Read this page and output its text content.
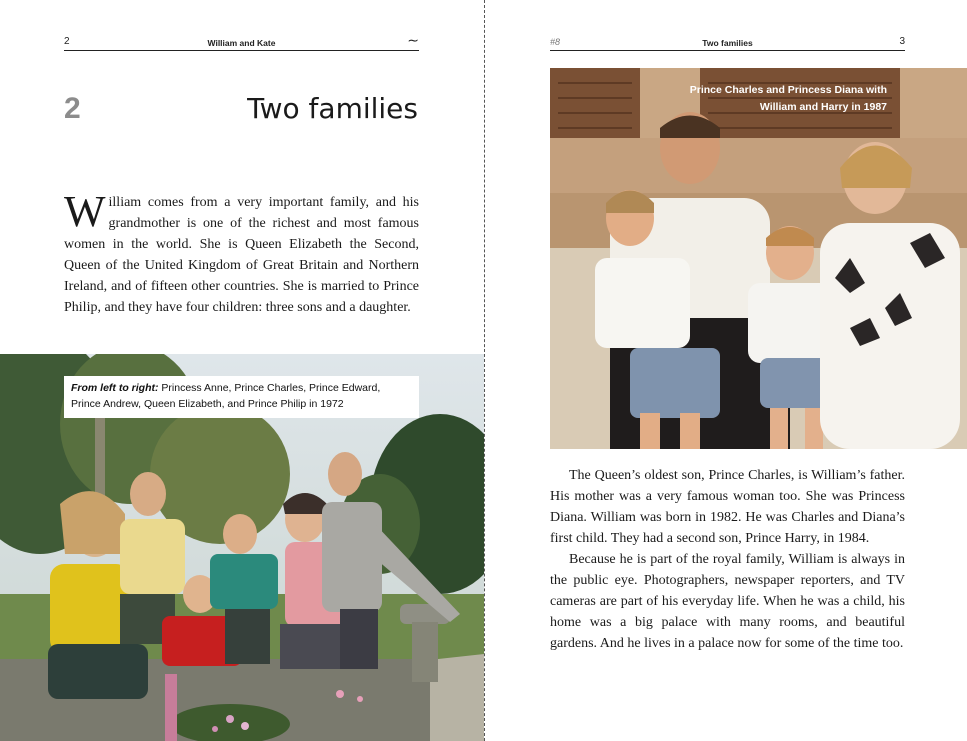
2	William and Kate	∼
2	Two families

William comes from a very important family, and his grandmother is one of the richest and most famous women in the world. She is Queen Elizabeth the Second, Queen of the United Kingdom of Great Britain and Northern Ireland, and of fifteen other countries. She is married to Prince Philip, and they have four children: three sons and a daughter.

From left to right: Princess Anne, Prince Charles, Prince Edward, Prince Andrew, Queen Elizabeth, and Prince Philip in 1972
#8	Two families	3
Prince Charles and Princess Diana with William and Harry in 1987

The Queen’s oldest son, Prince Charles, is William’s father. His mother was a very famous woman too. She was Princess Diana. William was born in 1982. He was Charles and Diana’s first child. They had a second son, Prince Harry, in 1984.

Because he is part of the royal family, William is always in the public eye. Photographers, newspaper reporters, and TV cameras are part of his everyday life. When he was a child, his home was a big palace with many rooms, and beautiful gardens. And he lives in a palace now for some of the time too.
